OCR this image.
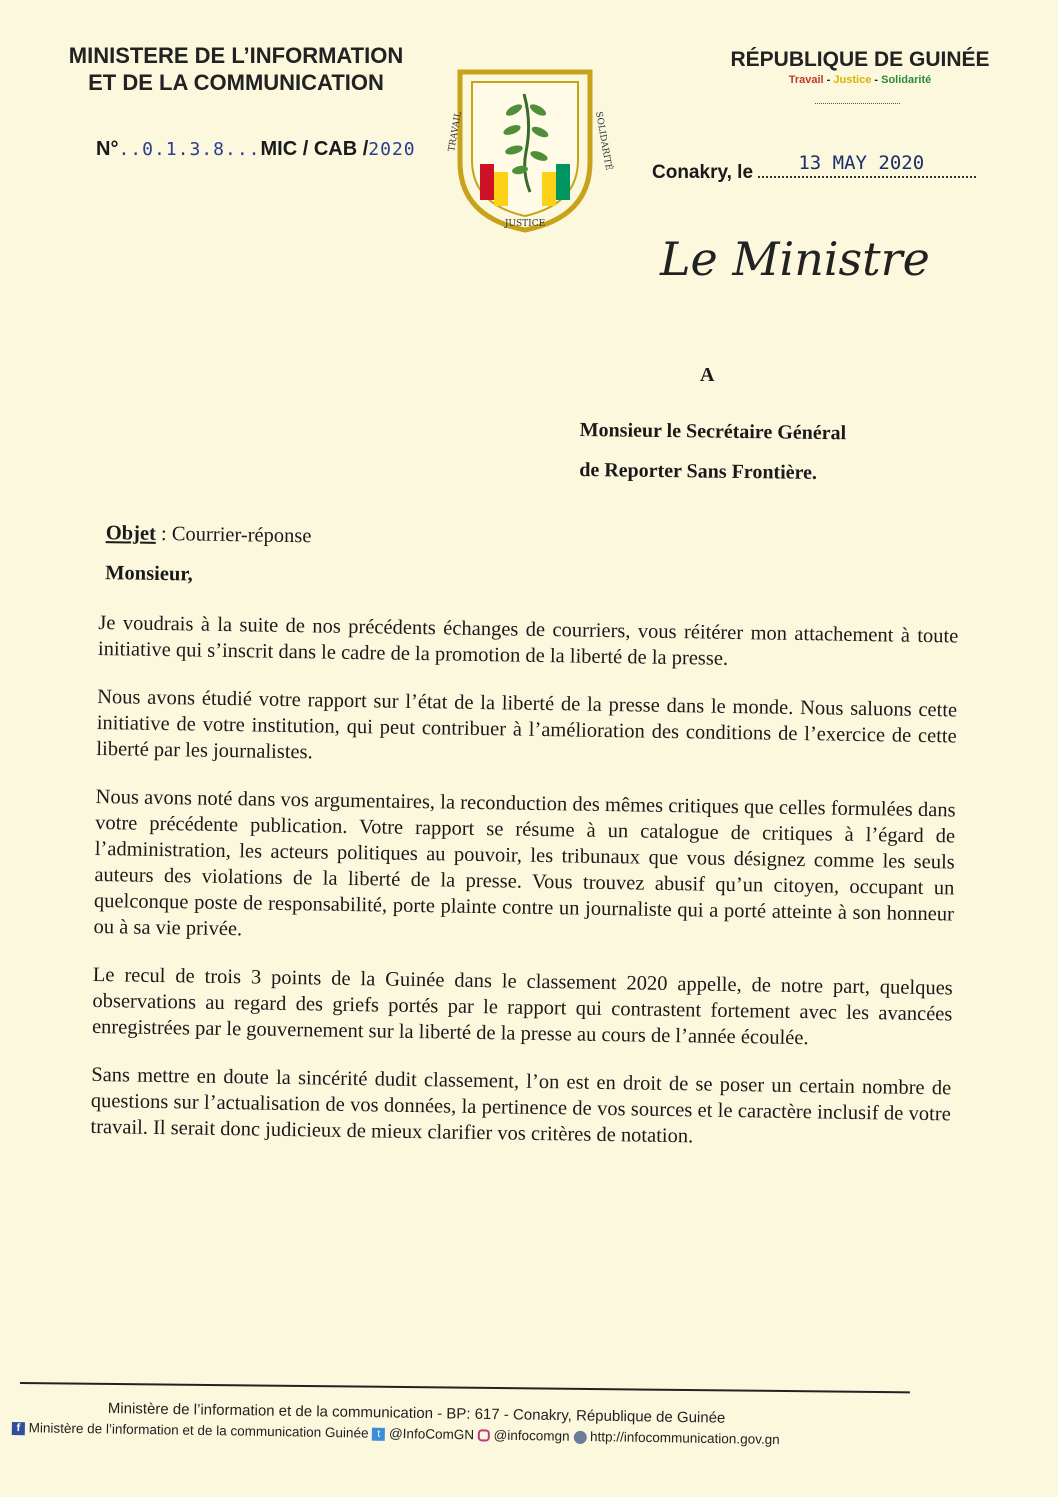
MINISTERE DE L’INFORMATION
ET DE LA COMMUNICATION
N°..0.1.3.8...MIC / CAB /2020	TRAVAIL	SOLIDARITÉ
JUSTICE
RÉPUBLIQUE DE GUINÉE
Travail - Justice - Solidarité
Conakry, le 13 MAY 2020
Le Ministre
A
Monsieur le Secrétaire Général
de Reporter Sans Frontière.
Objet : Courrier-réponse
Monsieur,

Je voudrais à la suite de nos précédents échanges de courriers, vous réitérer mon attachement à toute initiative qui s’inscrit dans le cadre de la promotion de la liberté de la presse.

Nous avons étudié votre rapport sur l’état de la liberté de la presse dans le monde. Nous saluons cette initiative de votre institution, qui peut contribuer à l’amélioration des conditions de l’exercice de cette liberté par les journalistes.

Nous avons noté dans vos argumentaires, la reconduction des mêmes critiques que celles formulées dans votre précédente publication. Votre rapport se résume à un catalogue de critiques à l’égard de l’administration, les acteurs politiques au pouvoir, les tribunaux que vous désignez comme les seuls auteurs des violations de la liberté de la presse. Vous trouvez abusif qu’un citoyen, occupant un quelconque poste de responsabilité, porte plainte contre un journaliste qui a porté atteinte à son honneur ou à sa vie privée.

Le recul de trois 3 points de la Guinée dans le classement 2020 appelle, de notre part, quelques observations au regard des griefs portés par le rapport qui contrastent fortement avec les avancées enregistrées par le gouvernement sur la liberté de la presse au cours de l’année écoulée.

Sans mettre en doute la sincérité dudit classement, l’on est en droit de se poser un certain nombre de questions sur l’actualisation de vos données, la pertinence de vos sources et le caractère inclusif de votre travail. Il serait donc judicieux de mieux clarifier vos critères de notation.

Ministère de l’information et de la communication - BP: 617 - Conakry, République de Guinée
f Ministère de l’information et de la communication Guinée t @InfoComGN @infocomgn http://infocommunication.gov.gn
